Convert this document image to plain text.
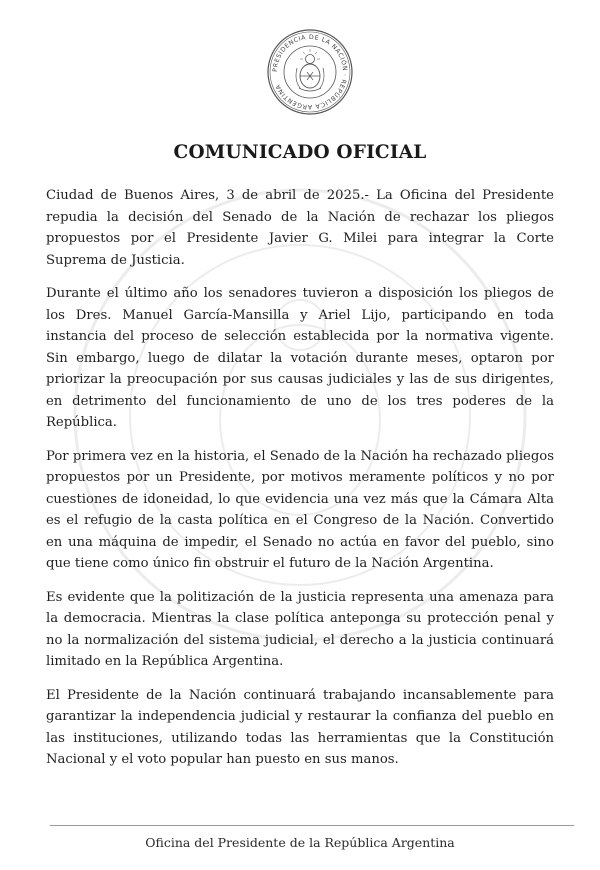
PRESIDENCIA DE LA NACIÓN · REPÚBLICA ARGENTINA
COMUNICADO OFICIAL

Ciudad de Buenos Aires, 3 de abril de 2025.- La Oficina del Presidente repudia la decisión del Senado de la Nación de rechazar los pliegos propuestos por el Presidente Javier G. Milei para integrar la Corte Suprema de Justicia.

Durante el último año los senadores tuvieron a disposición los pliegos de los Dres. Manuel García-Mansilla y Ariel Lijo, participando en toda instancia del proceso de selección establecida por la normativa vigente. Sin embargo, luego de dilatar la votación durante meses, optaron por priorizar la preocupación por sus causas judiciales y las de sus dirigentes, en detrimento del funcionamiento de uno de los tres poderes de la República.

Por primera vez en la historia, el Senado de la Nación ha rechazado pliegos propuestos por un Presidente, por motivos meramente políticos y no por cuestiones de idoneidad, lo que evidencia una vez más que la Cámara Alta es el refugio de la casta política en el Congreso de la Nación. Convertido en una máquina de impedir, el Senado no actúa en favor del pueblo, sino que tiene como único fin obstruir el futuro de la Nación Argentina.

Es evidente que la politización de la justicia representa una amenaza para la democracia. Mientras la clase política anteponga su protección penal y no la normalización del sistema judicial, el derecho a la justicia continuará limitado en la República Argentina.

El Presidente de la Nación continuará trabajando incansablemente para garantizar la independencia judicial y restaurar la confianza del pueblo en las instituciones, utilizando todas las herramientas que la Constitución Nacional y el voto popular han puesto en sus manos.

Oficina del Presidente de la República Argentina
